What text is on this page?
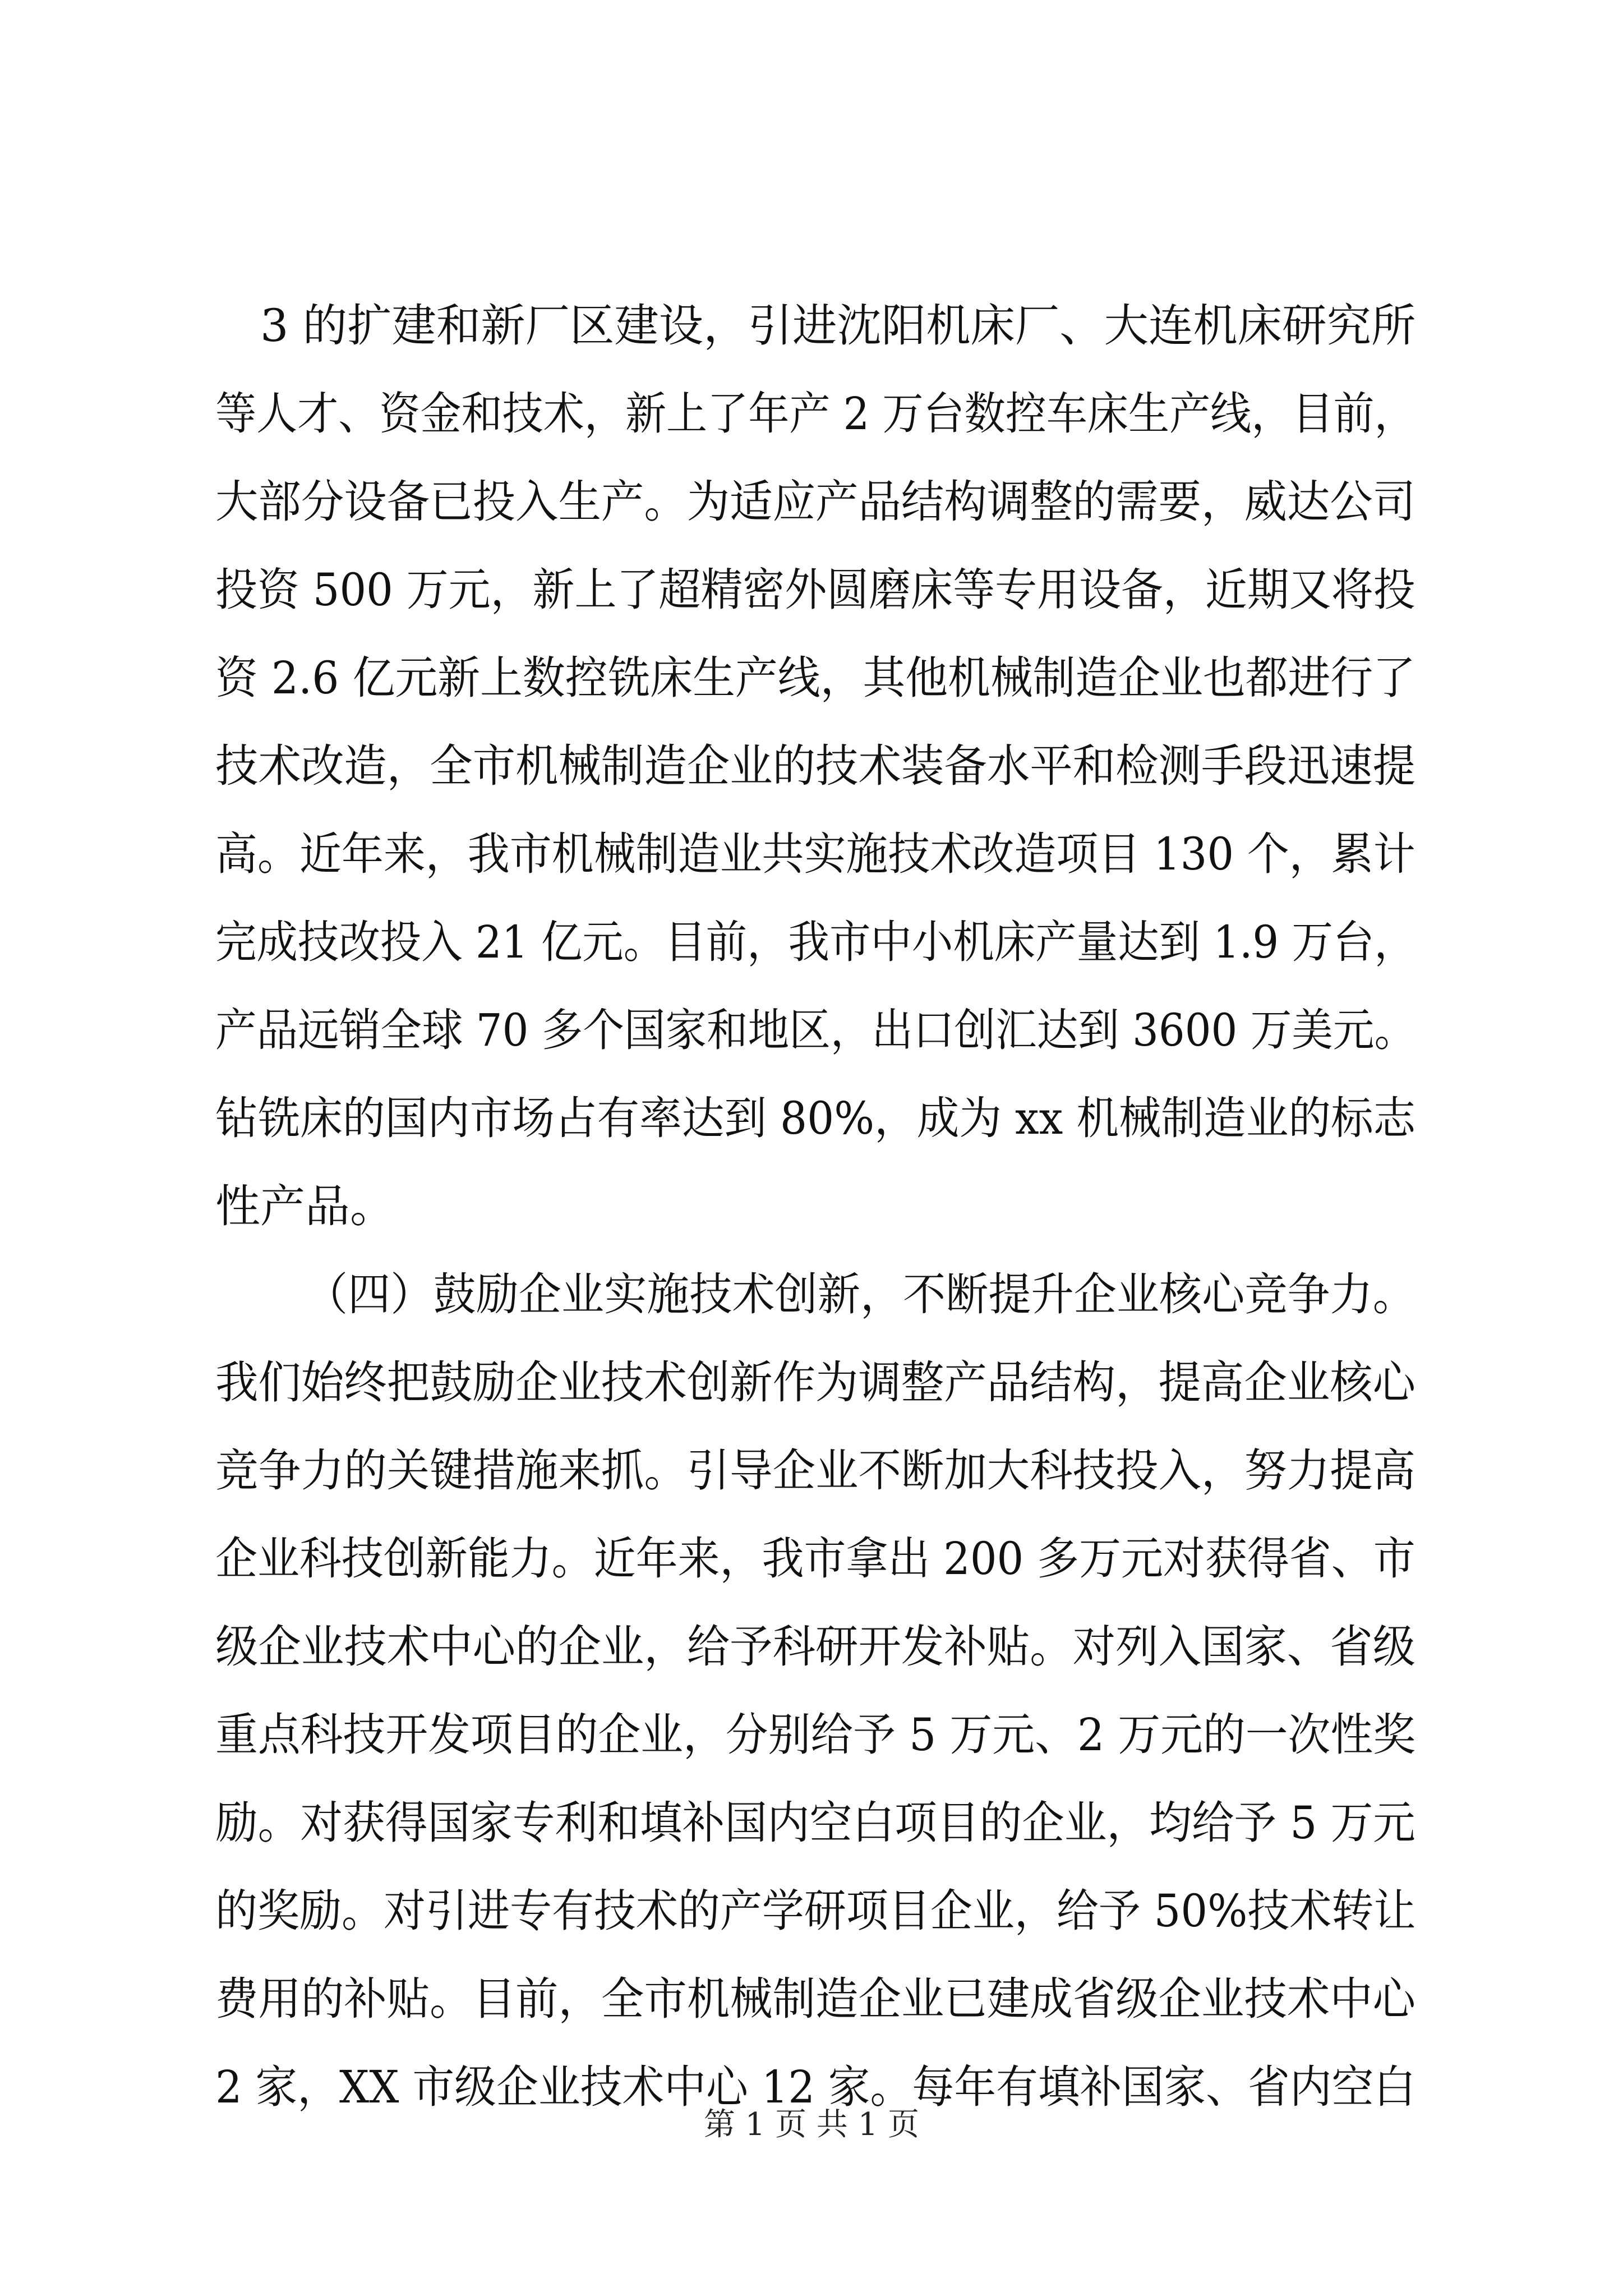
3 的扩建和新厂区建设，引进沈阳机床厂、大连机床研究所
等人才、资金和技术，新上了年产 2 万台数控车床生产线，目前，
大部分设备已投入生产。为适应产品结构调整的需要，威达公司
投资 500 万元，新上了超精密外圆磨床等专用设备，近期又将投
资 2.6 亿元新上数控铣床生产线，其他机械制造企业也都进行了
技术改造，全市机械制造企业的技术装备水平和检测手段迅速提
高。近年来，我市机械制造业共实施技术改造项目 130 个，累计
完成技改投入 21 亿元。目前，我市中小机床产量达到 1.9 万台，
产品远销全球 70 多个国家和地区，出口创汇达到 3600 万美元。
钻铣床的国内市场占有率达到 80%，成为 xx 机械制造业的标志
性产品。
（四）鼓励企业实施技术创新，不断提升企业核心竞争力。
我们始终把鼓励企业技术创新作为调整产品结构，提高企业核心
竞争力的关键措施来抓。引导企业不断加大科技投入，努力提高
企业科技创新能力。近年来，我市拿出 200 多万元对获得省、市
级企业技术中心的企业，给予科研开发补贴。对列入国家、省级
重点科技开发项目的企业，分别给予 5 万元、2 万元的一次性奖
励。对获得国家专利和填补国内空白项目的企业，均给予 5 万元
的奖励。对引进专有技术的产学研项目企业，给予 50%技术转让
费用的补贴。目前，全市机械制造企业已建成省级企业技术中心
2 家，XX 市级企业技术中心 12 家。每年有填补国家、省内空白
第 1 页 共 1 页
